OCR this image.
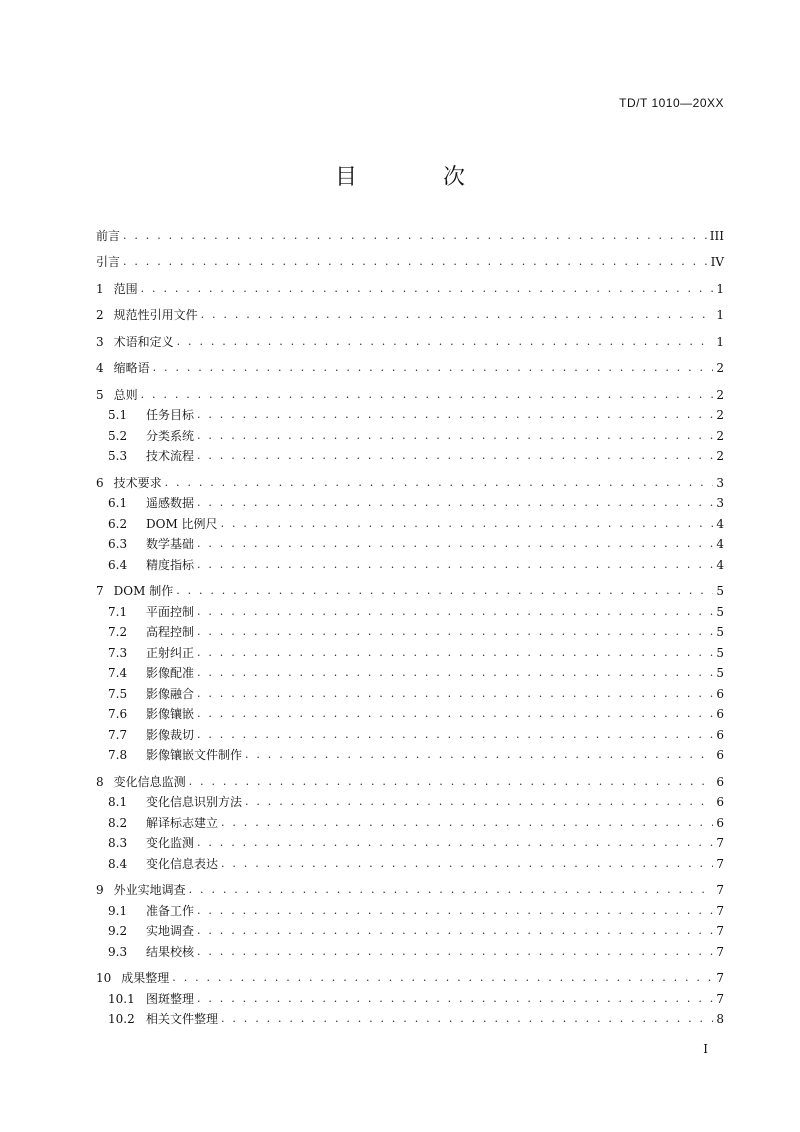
TD/T 1010—20XX
目　次
前言 . . .	III
引言 . . .	IV
1 范围 . . .	1
2 规范性引用文件 . . .	1
3 术语和定义 . . .	1
4 缩略语 . . .	2
5 总则 . . .	2
5.1	任务目标 . . .	2
5.2	分类系统 . . .	2
5.3	技术流程 . . .	2
6 技术要求 . . .	3
6.1	遥感数据 . . .	3
6.2	DOM 比例尺 . . .	4
6.3	数学基础 . . .	4
6.4	精度指标 . . .	4
7 DOM 制作 . . .	5
7.1	平面控制 . . .	5
7.2	高程控制 . . .	5
7.3	正射纠正 . . .	5
7.4	影像配准 . . .	5
7.5	影像融合 . . .	6
7.6	影像镶嵌 . . .	6
7.7	影像裁切 . . .	6
7.8	影像镶嵌文件制作 . . .	6
8 变化信息监测 . . .	6
8.1	变化信息识别方法 . . .	6
8.2	解译标志建立 . . .	6
8.3	变化监测 . . .	7
8.4	变化信息表达 . . .	7
9 外业实地调查 . . .	7
9.1	准备工作 . . .	7
9.2	实地调查 . . .	7
9.3	结果校核 . . .	7
10 成果整理 . . .	7
10.1 图斑整理 . . .	7
10.2 相关文件整理 . . .	8
I
